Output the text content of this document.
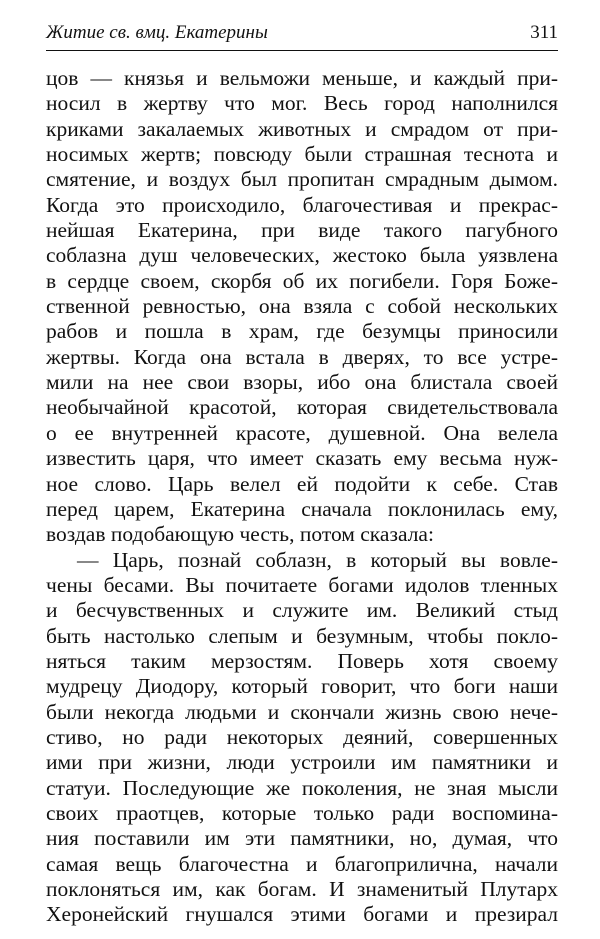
Житие св. вмц. Екатерины	311
цов — князья и вельможи меньше, и каждый при-
носил в жертву что мог. Весь город наполнился
криками закалаемых животных и смрадом от при-
носимых жертв; повсюду были страшная теснота и
смятение, и воздух был пропитан смрадным дымом.
Когда это происходило, благочестивая и прекрас-
нейшая Екатерина, при виде такого пагубного
соблазна душ человеческих, жестоко была уязвлена
в сердце своем, скорбя об их погибели. Горя Боже-
ственной ревностью, она взяла с собой нескольких
рабов и пошла в храм, где безумцы приносили
жертвы. Когда она встала в дверях, то все устре-
мили на нее свои взоры, ибо она блистала своей
необычайной красотой, которая свидетельствовала
о ее внутренней красоте, душевной. Она велела
известить царя, что имеет сказать ему весьма нуж-
ное слово. Царь велел ей подойти к себе. Став
перед царем, Екатерина сначала поклонилась ему,
воздав подобающую честь, потом сказала:
— Царь, познай соблазн, в который вы вовле-
чены бесами. Вы почитаете богами идолов тленных
и бесчувственных и служите им. Великий стыд
быть настолько слепым и безумным, чтобы покло-
няться таким мерзостям. Поверь хотя своему
мудрецу Диодору, который говорит, что боги наши
были некогда людьми и скончали жизнь свою нече-
стиво, но ради некоторых деяний, совершенных
ими при жизни, люди устроили им памятники и
статуи. Последующие же поколения, не зная мысли
своих праотцев, которые только ради воспомина-
ния поставили им эти памятники, но, думая, что
самая вещь благочестна и благоприлична, начали
поклоняться им, как богам. И знаменитый Плутарх
Херонейский гнушался этими богами и презирал
